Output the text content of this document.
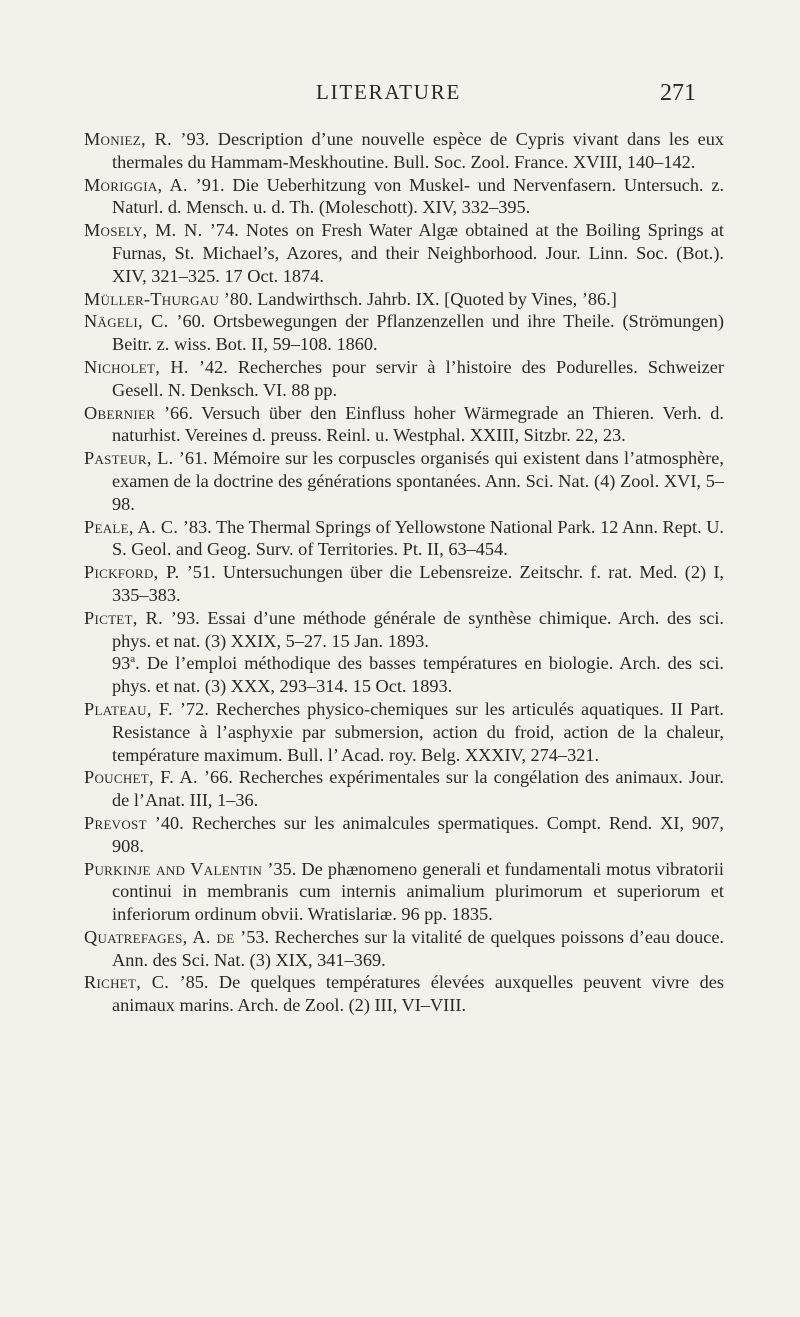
LITERATURE	271

Moniez, R. ’93. Description d’une nouvelle espèce de Cypris vivant dans les eux thermales du Hammam-Meskhoutine. Bull. Soc. Zool. France. XVIII, 140–142.

Moriggia, A. ’91. Die Ueberhitzung von Muskel- und Nervenfasern. Untersuch. z. Naturl. d. Mensch. u. d. Th. (Moleschott). XIV, 332–395.

Mosely, M. N. ’74. Notes on Fresh Water Algæ obtained at the Boiling Springs at Furnas, St. Michael’s, Azores, and their Neighborhood. Jour. Linn. Soc. (Bot.). XIV, 321–325. 17 Oct. 1874.

Müller-Thurgau ’80. Landwirthsch. Jahrb. IX. [Quoted by Vines, ’86.]

Nägeli, C. ’60. Ortsbewegungen der Pflanzenzellen und ihre Theile. (Strömungen) Beitr. z. wiss. Bot. II, 59–108. 1860.

Nicholet, H. ’42. Recherches pour servir à l’histoire des Podurelles. Schweizer Gesell. N. Denksch. VI. 88 pp.

Obernier ’66. Versuch über den Einfluss hoher Wärmegrade an Thieren. Verh. d. naturhist. Vereines d. preuss. Reinl. u. Westphal. XXIII, Sitzbr. 22, 23.

Pasteur, L. ’61. Mémoire sur les corpuscles organisés qui existent dans l’atmosphère, examen de la doctrine des générations spontanées. Ann. Sci. Nat. (4) Zool. XVI, 5–98.

Peale, A. C. ’83. The Thermal Springs of Yellowstone National Park. 12 Ann. Rept. U. S. Geol. and Geog. Surv. of Territories. Pt. II, 63–454.

Pickford, P. ’51. Untersuchungen über die Lebensreize. Zeitschr. f. rat. Med. (2) I, 335–383.

Pictet, R. ’93. Essai d’une méthode générale de synthèse chimique. Arch. des sci. phys. et nat. (3) XXIX, 5–27. 15 Jan. 1893.

93$^a$. De l’emploi méthodique des basses températures en biologie. Arch. des sci. phys. et nat. (3) XXX, 293–314. 15 Oct. 1893.

Plateau, F. ’72. Recherches physico-chemiques sur les articulés aquatiques. II Part. Resistance à l’asphyxie par submersion, action du froid, action de la chaleur, température maximum. Bull. l’ Acad. roy. Belg. XXXIV, 274–321.

Pouchet, F. A. ’66. Recherches expérimentales sur la congélation des animaux. Jour. de l’Anat. III, 1–36.

Prevost ’40. Recherches sur les animalcules spermatiques. Compt. Rend. XI, 907, 908.

Purkinje and Valentin ’35. De phænomeno generali et fundamentali motus vibratorii continui in membranis cum internis animalium plurimorum et superiorum et inferiorum ordinum obvii. Wratislariæ. 96 pp. 1835.

Quatrefages, A. de ’53. Recherches sur la vitalité de quelques poissons d’eau douce. Ann. des Sci. Nat. (3) XIX, 341–369.

Richet, C. ’85. De quelques températures élevées auxquelles peuvent vivre des animaux marins. Arch. de Zool. (2) III, VI–VIII.
